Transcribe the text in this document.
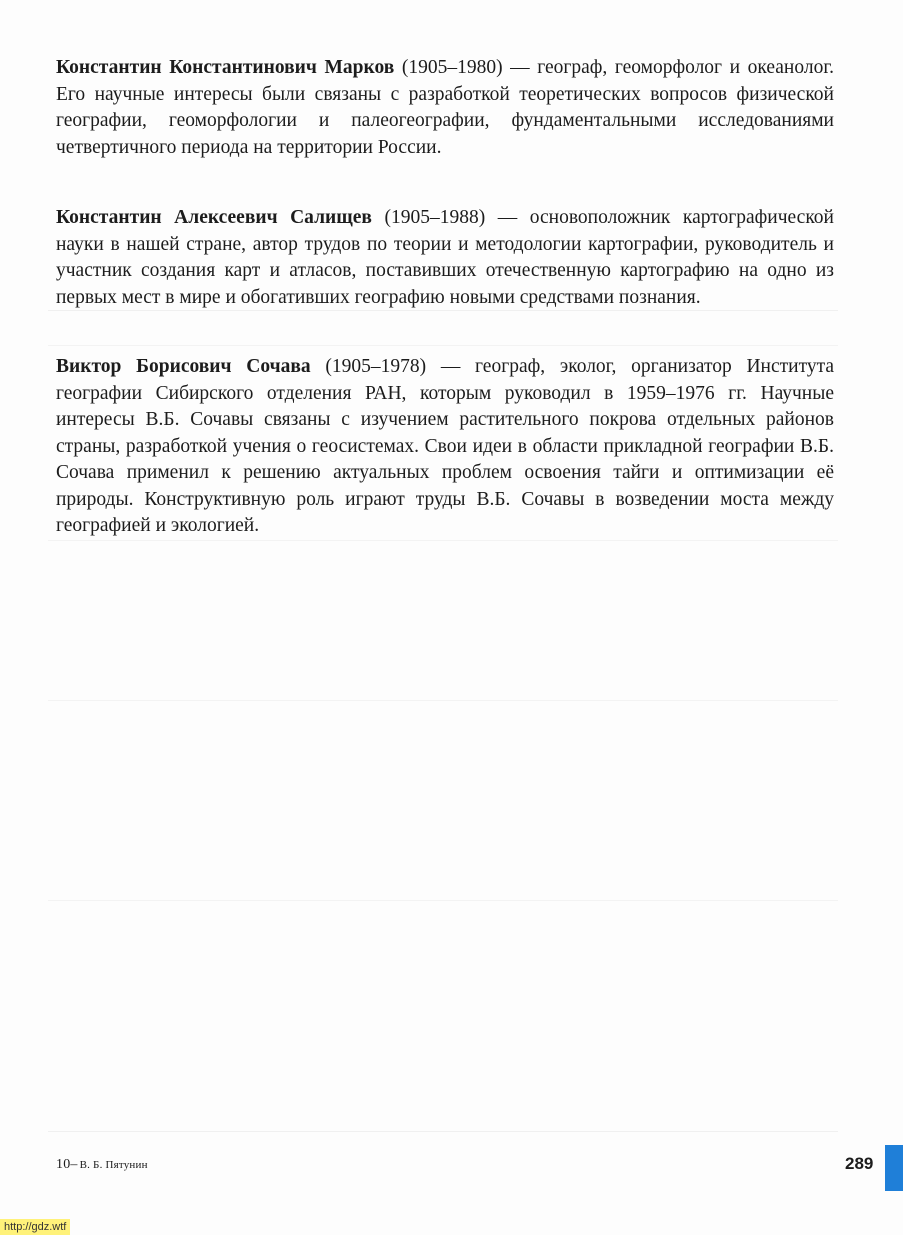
Константин Константинович Марков (1905–1980) — географ, геоморфолог и океанолог. Его научные интересы были связаны с разработкой теоретических вопросов физической географии, геоморфологии и палеогеографии, фундаментальными исследованиями четвертичного периода на территории России.

Константин Алексеевич Салищев (1905–1988) — основоположник картографической науки в нашей стране, автор трудов по теории и методологии картографии, руководитель и участник создания карт и атласов, поставивших отечественную картографию на одно из первых мест в мире и обогативших географию новыми средствами познания.

Виктор Борисович Сочава (1905–1978) — географ, эколог, организатор Института географии Сибирского отделения РАН, которым руководил в 1959–1976 гг. Научные интересы В.Б. Сочавы связаны с изучением растительного покрова отдельных районов страны, разработкой учения о геосистемах. Свои идеи в области прикладной географии В.Б. Сочава применил к решению актуальных проблем освоения тайги и оптимизации её природы. Конструктивную роль играют труды В.Б. Сочавы в возведении моста между географией и экологией.

10– В. Б. Пятунин	289
http://gdz.wtf
